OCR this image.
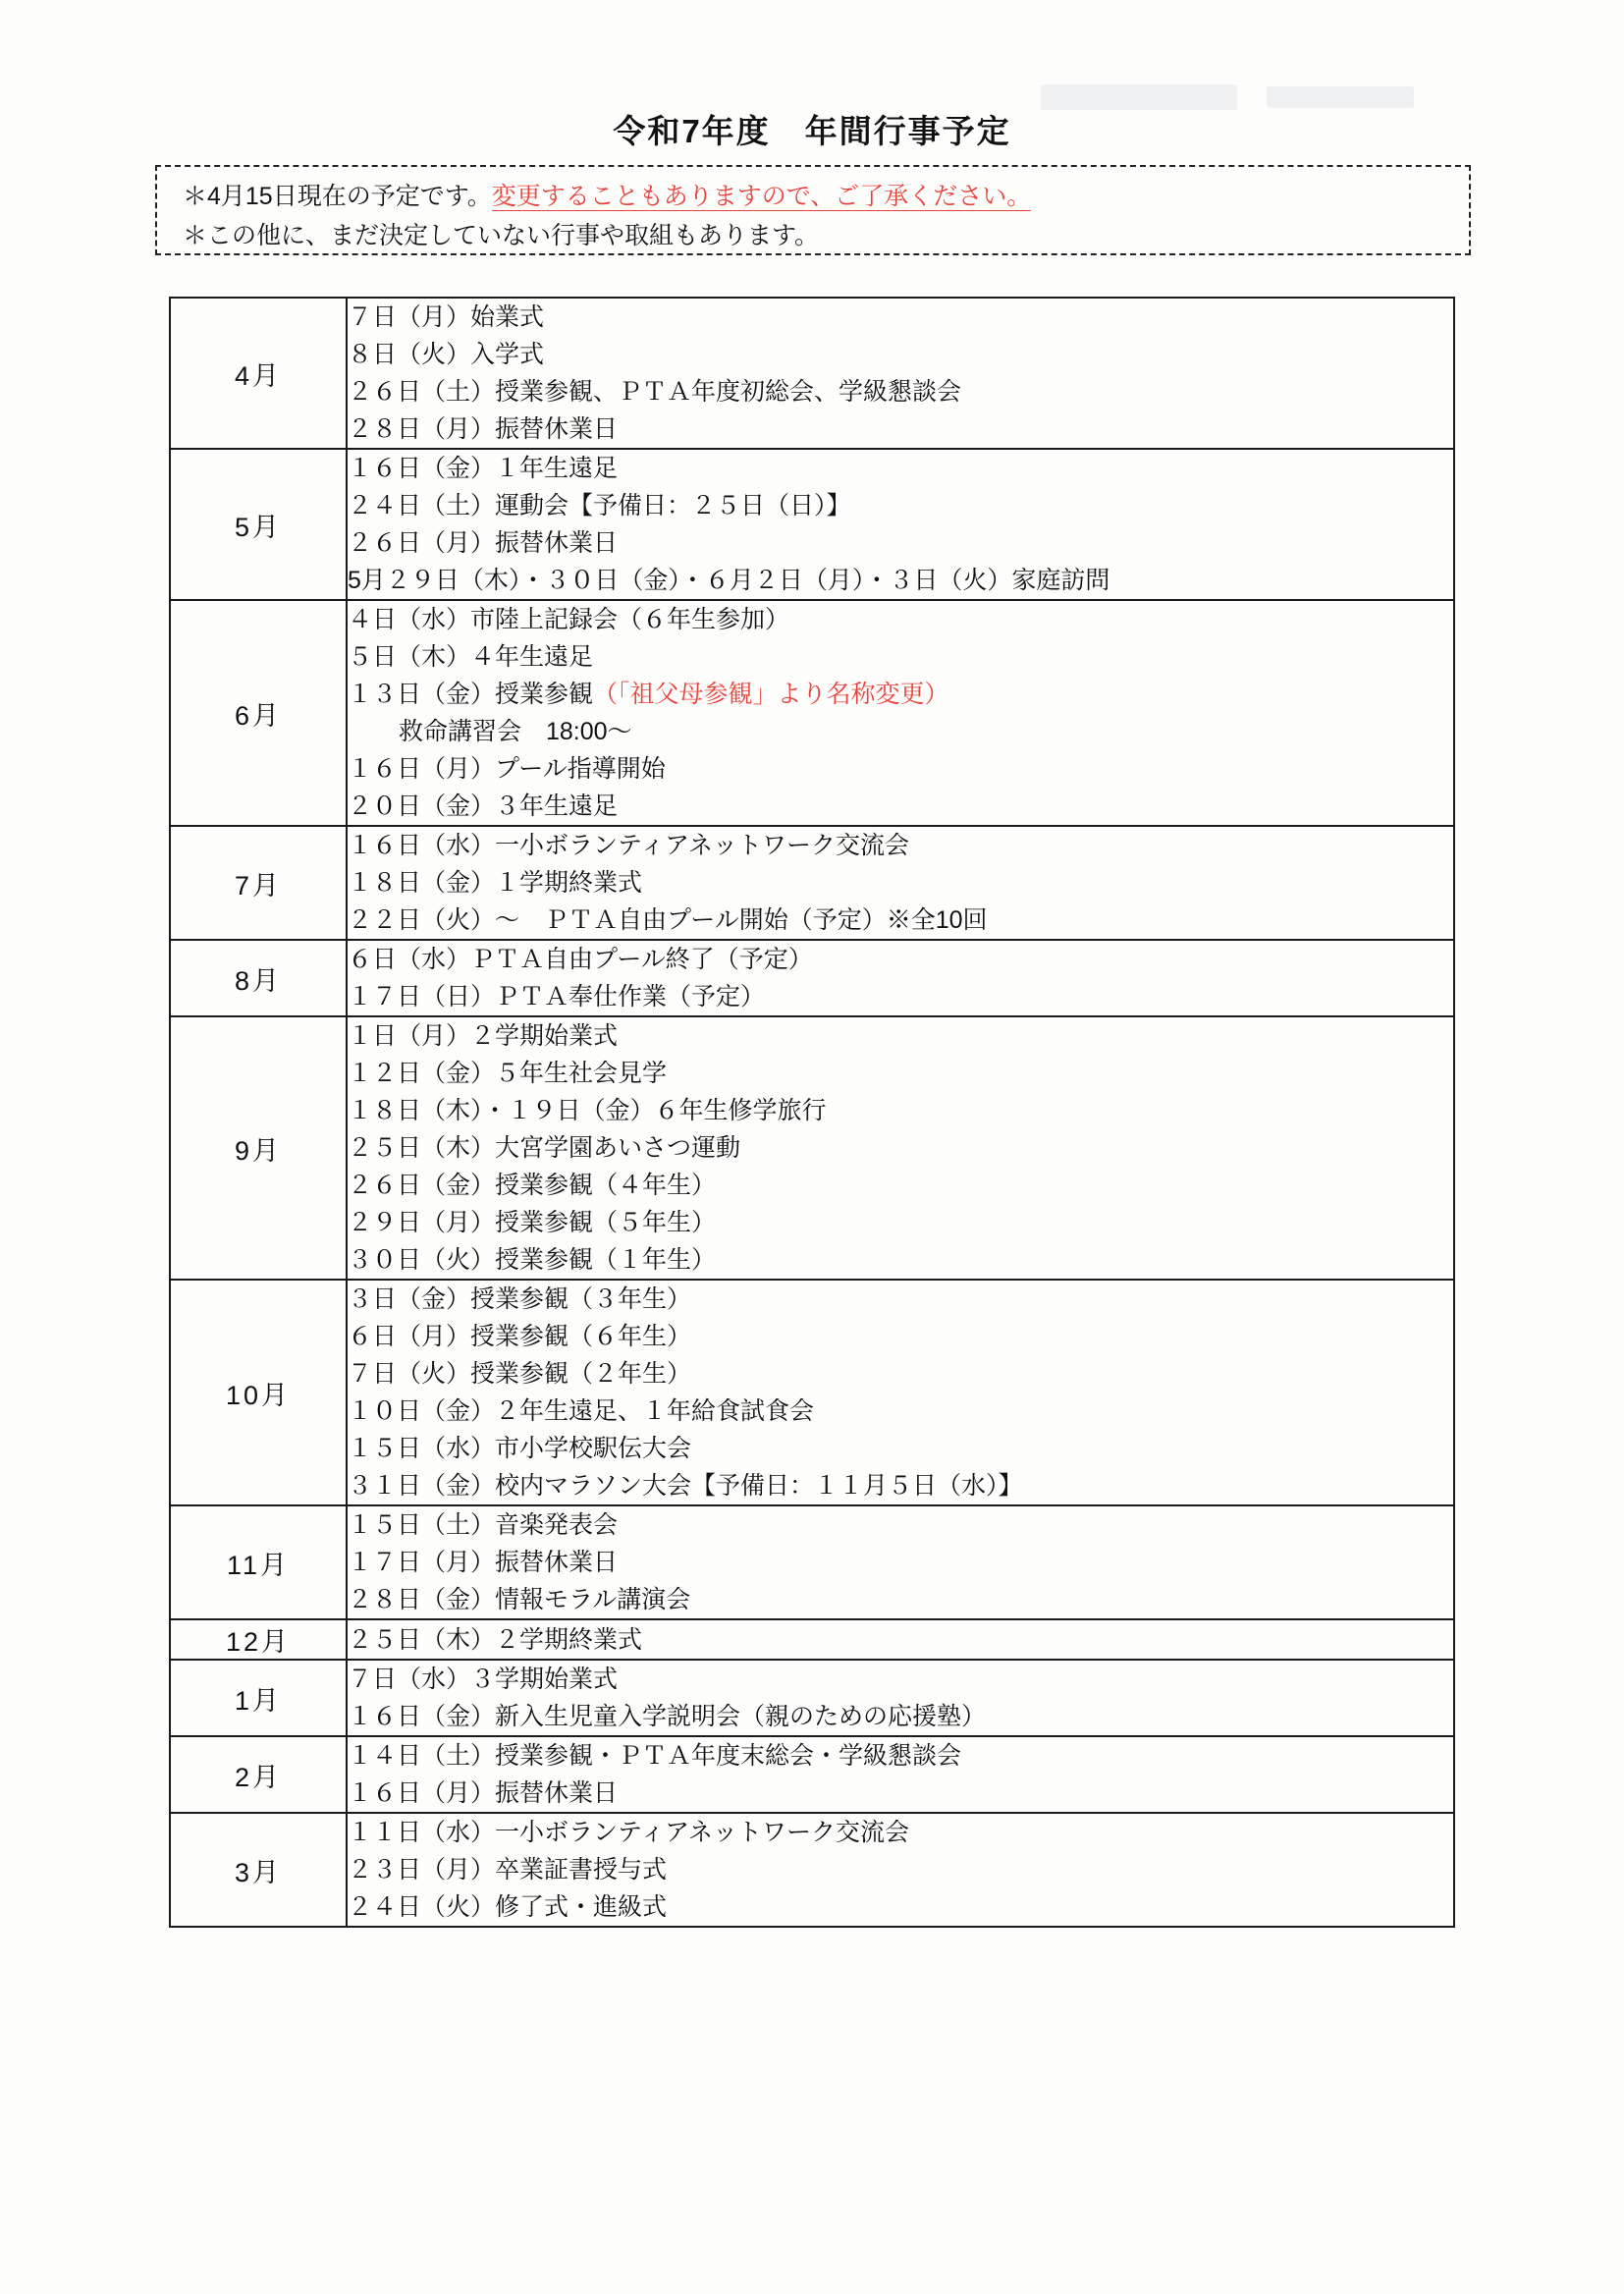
令和7年度　年間行事予定
＊4月15日現在の予定です。変更することもありますので、ご了承ください。
＊この他に、まだ決定していない行事や取組もあります。
4月	７日（月）始業式
８日（火）入学式
２６日（土）授業参観、ＰＴＡ年度初総会、学級懇談会
２８日（月）振替休業日

5月	１６日（金）１年生遠足
２４日（土）運動会【予備日：２５日（日）】
２６日（月）振替休業日
5月２９日（木）・３０日（金）・６月２日（月）・３日（火）家庭訪問

6月	
４日（水）市陸上記録会（６年生参加）
５日（木）４年生遠足
１３日（金）授業参観（「祖父母参観」より名称変更）
救命講習会　18:00〜
１６日（月）プール指導開始
２０日（金）３年生遠足

7月	１６日（水）一小ボランティアネットワーク交流会
１８日（金）１学期終業式
２２日（火）〜　ＰＴＡ自由プール開始（予定）※全10回

8月	６日（水）ＰＴＡ自由プール終了（予定）
１７日（日）ＰＴＡ奉仕作業（予定）

9月	
１日（月）２学期始業式
１２日（金）５年生社会見学
１８日（木）・１９日（金）６年生修学旅行
２５日（木）大宮学園あいさつ運動
２６日（金）授業参観（４年生）
２９日（月）授業参観（５年生）
３０日（火）授業参観（１年生）

10月	
３日（金）授業参観（３年生）
６日（月）授業参観（６年生）
７日（火）授業参観（２年生）
１０日（金）２年生遠足、１年給食試食会
１５日（水）市小学校駅伝大会
３１日（金）校内マラソン大会【予備日：１１月５日（水）】

11月	１５日（土）音楽発表会
１７日（月）振替休業日
２８日（金）情報モラル講演会

12月	２５日（木）２学期終業式

1月	７日（水）３学期始業式
１６日（金）新入生児童入学説明会（親のための応援塾）

2月	１４日（土）授業参観・ＰＴＡ年度末総会・学級懇談会
１６日（月）振替休業日

3月	１１日（水）一小ボランティアネットワーク交流会
２３日（月）卒業証書授与式
２４日（火）修了式・進級式
